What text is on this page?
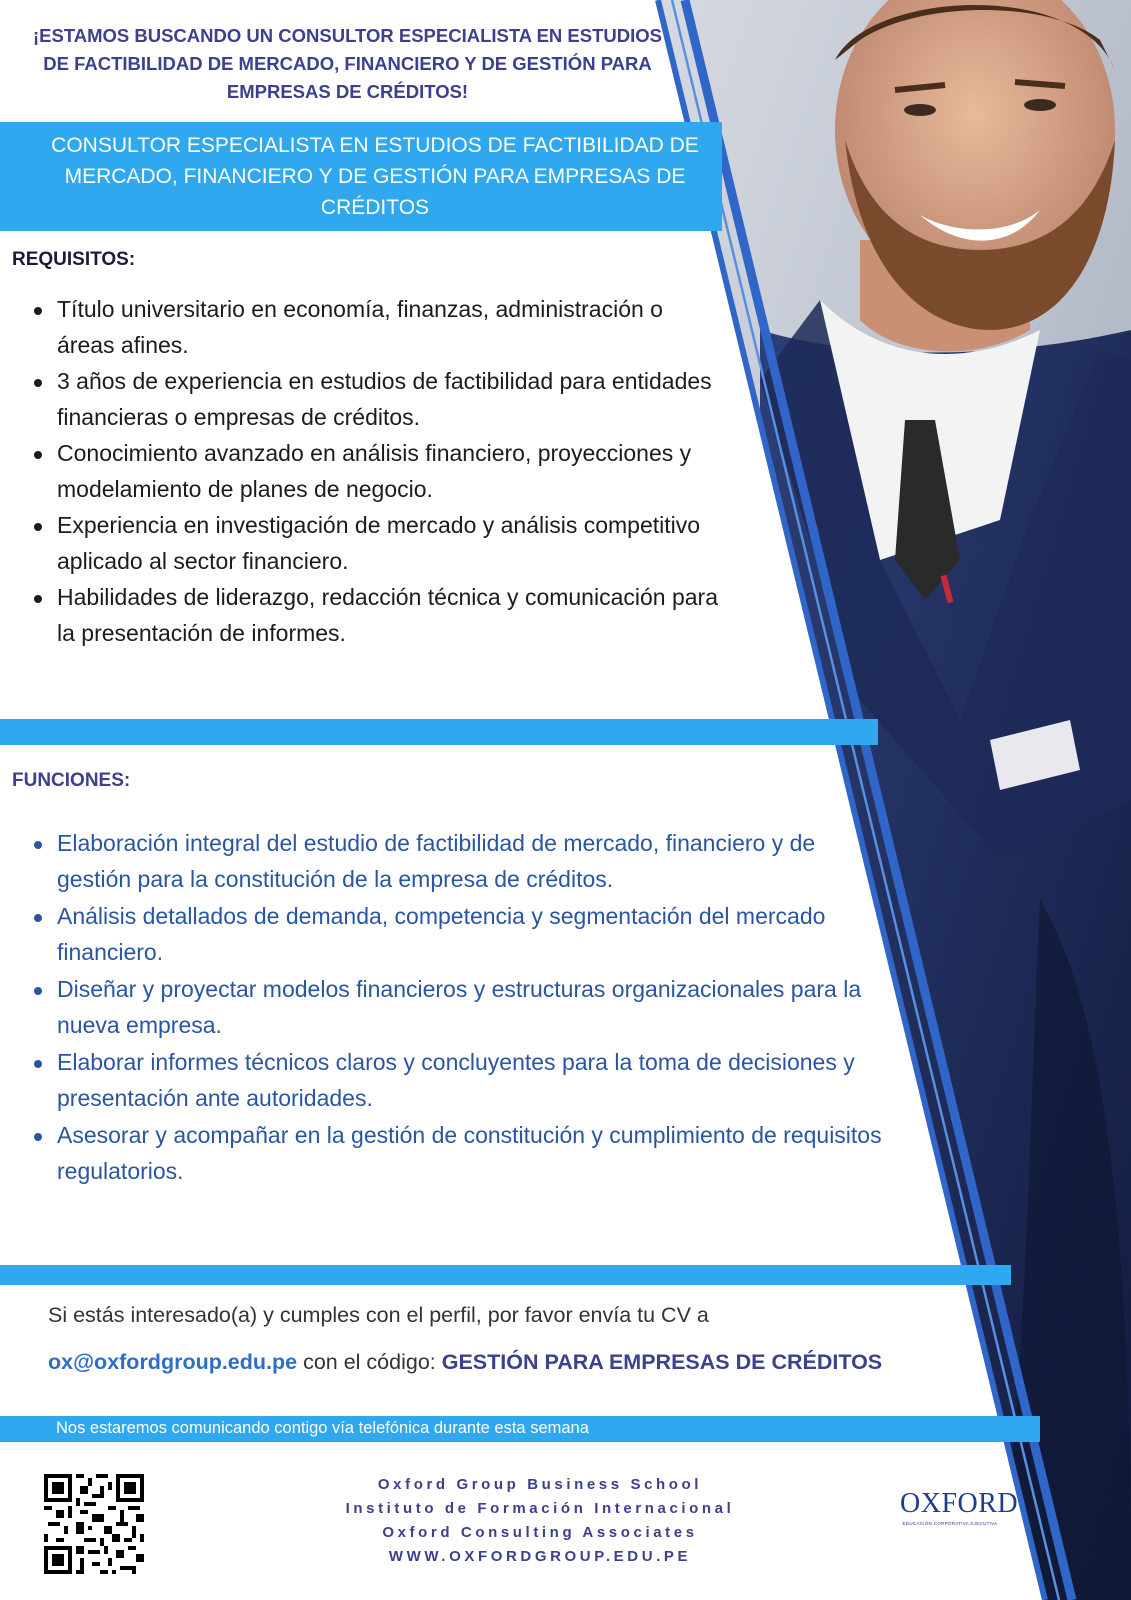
¡ESTAMOS BUSCANDO UN CONSULTOR ESPECIALISTA EN ESTUDIOS DE FACTIBILIDAD DE MERCADO, FINANCIERO Y DE GESTIÓN PARA EMPRESAS DE CRÉDITOS!
CONSULTOR ESPECIALISTA EN ESTUDIOS DE FACTIBILIDAD DE MERCADO, FINANCIERO Y DE GESTIÓN PARA EMPRESAS DE CRÉDITOS
REQUISITOS:
Título universitario en economía, finanzas, administración o áreas afines.
3 años de experiencia en estudios de factibilidad para entidades financieras o empresas de créditos.
Conocimiento avanzado en análisis financiero, proyecciones y modelamiento de planes de negocio.
Experiencia en investigación de mercado y análisis competitivo aplicado al sector financiero.
Habilidades de liderazgo, redacción técnica y comunicación para la presentación de informes.
FUNCIONES:
Elaboración integral del estudio de factibilidad de mercado, financiero y de gestión para la constitución de la empresa de créditos.
Análisis detallados de demanda, competencia y segmentación del mercado financiero.
Diseñar y proyectar modelos financieros y estructuras organizacionales para la nueva empresa.
Elaborar informes técnicos claros y concluyentes para la toma de decisiones y presentación ante autoridades.
Asesorar y acompañar en la gestión de constitución y cumplimiento de requisitos regulatorios.
Si estás interesado(a) y cumples con el perfil, por favor envía tu CV a
ox@oxfordgroup.edu.pe con el código: GESTIÓN PARA EMPRESAS DE CRÉDITOS
Nos estaremos comunicando contigo vía telefónica durante esta semana
Oxford Group Business School
Instituto de Formación Internacional
Oxford Consulting Associates
WWW.OXFORDGROUP.EDU.PE
OXFORD
EDUCACIÓN CORPORATIVA EJECUTIVA
